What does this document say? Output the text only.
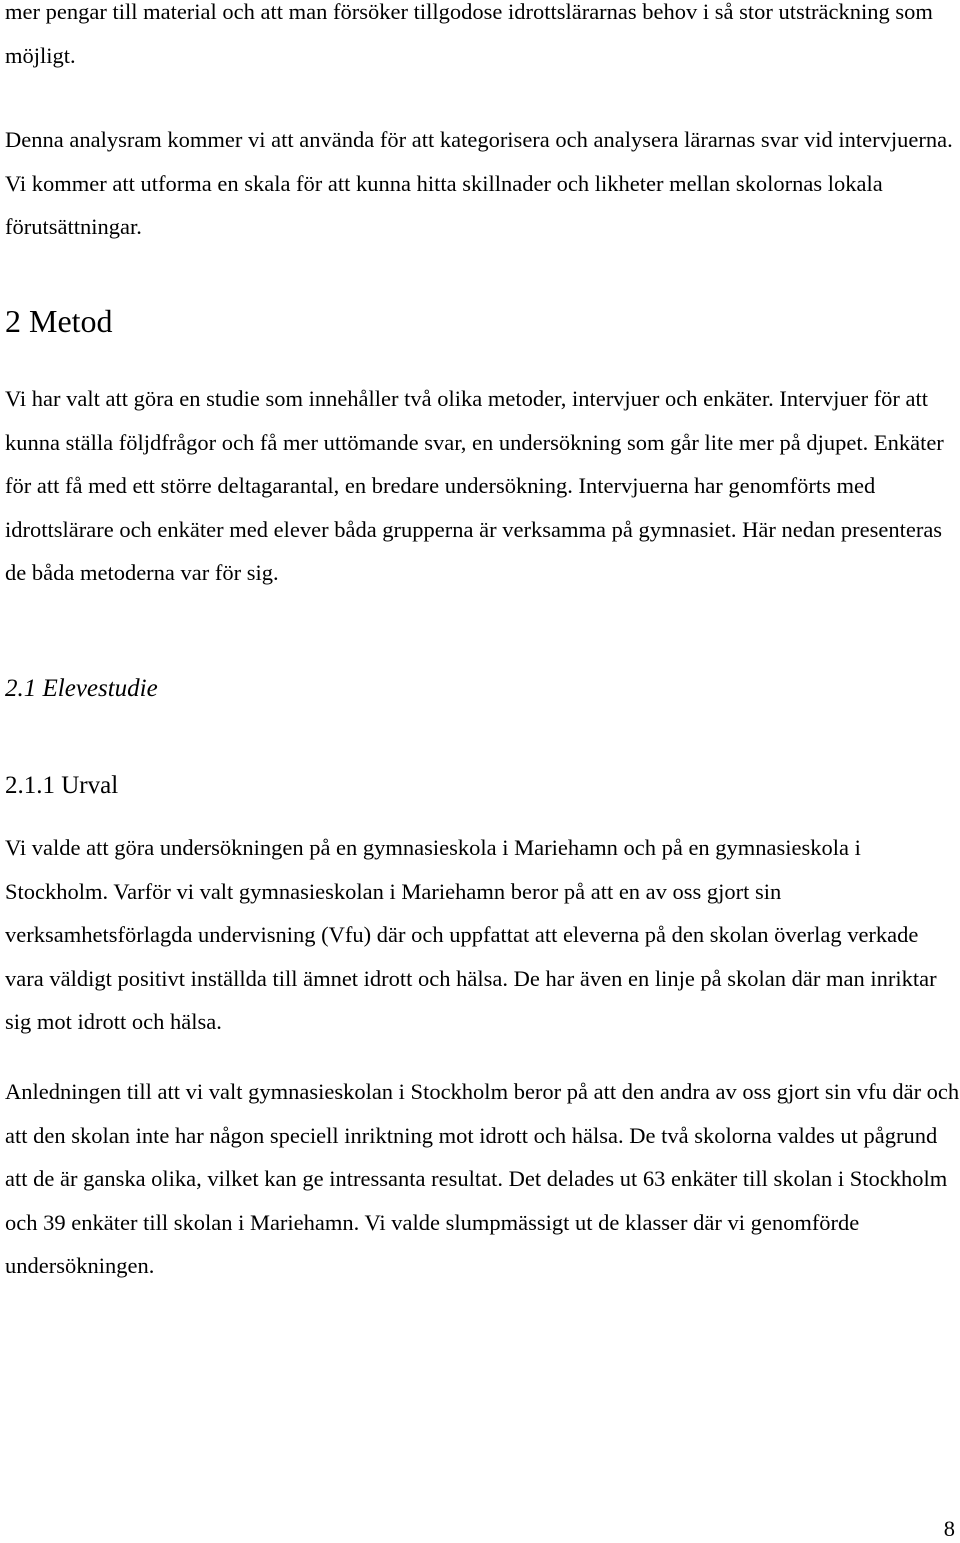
mer pengar till material och att man försöker tillgodose idrottslärarnas behov i så stor utsträckning som möjligt.

Denna analysram kommer vi att använda för att kategorisera och analysera lärarnas svar vid intervjuerna. Vi kommer att utforma en skala för att kunna hitta skillnader och likheter mellan skolornas lokala förutsättningar.

2 Metod

Vi har valt att göra en studie som innehåller två olika metoder, intervjuer och enkäter. Intervjuer för att kunna ställa följdfrågor och få mer uttömande svar, en undersökning som går lite mer på djupet. Enkäter för att få med ett större deltagarantal, en bredare undersökning. Intervjuerna har genomförts med idrottslärare och enkäter med elever båda grupperna är verksamma på gymnasiet. Här nedan presenteras de båda metoderna var för sig.

2.1 Elevestudie
2.1.1 Urval

Vi valde att göra undersökningen på en gymnasieskola i Mariehamn och på en gymnasieskola i Stockholm. Varför vi valt gymnasieskolan i Mariehamn beror på att en av oss gjort sin verksamhetsförlagda undervisning (Vfu) där och uppfattat att eleverna på den skolan överlag verkade vara väldigt positivt inställda till ämnet idrott och hälsa. De har även en linje på skolan där man inriktar sig mot idrott och hälsa.

Anledningen till att vi valt gymnasieskolan i Stockholm beror på att den andra av oss gjort sin vfu där och att den skolan inte har någon speciell inriktning mot idrott och hälsa. De två skolorna valdes ut pågrund att de är ganska olika, vilket kan ge intressanta resultat. Det delades ut 63 enkäter till skolan i Stockholm och 39 enkäter till skolan i Mariehamn. Vi valde slumpmässigt ut de klasser där vi genomförde undersökningen.

8
